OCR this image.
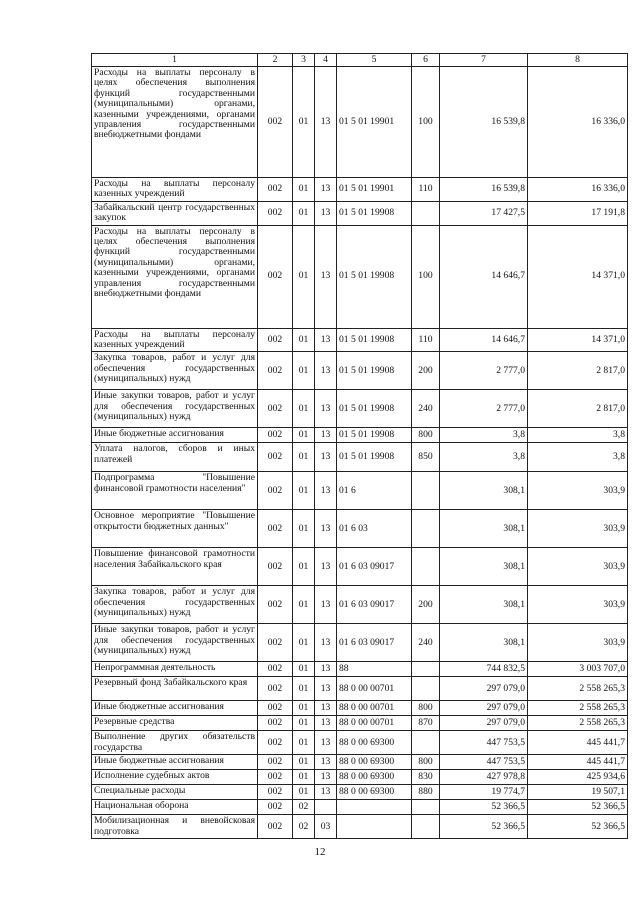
1	2	3	4	5	6	7	8
Расходы на выплаты персоналу в целях обеспечения выполнения функций государственными (муниципальными) органами, казенными учреждениями, органами управления государственными внебюджетными фондами	002	01	13	01 5 01 19901	100	16 539,8	16 336,0
Расходы на выплаты персоналу казенных учреждений	002	01	13	01 5 01 19901	110	16 539,8	16 336,0
Забайкальский центр государственных закупок	002	01	13	01 5 01 19908		17 427,5	17 191,8
Расходы на выплаты персоналу в целях обеспечения выполнения функций государственными (муниципальными) органами, казенными учреждениями, органами управления государственными внебюджетными фондами	002	01	13	01 5 01 19908	100	14 646,7	14 371,0
Расходы на выплаты персоналу казенных учреждений	002	01	13	01 5 01 19908	110	14 646,7	14 371,0
Закупка товаров, работ и услуг для обеспечения государственных (муниципальных) нужд	002	01	13	01 5 01 19908	200	2 777,0	2 817,0
Иные закупки товаров, работ и услуг для обеспечения государственных (муниципальных) нужд	002	01	13	01 5 01 19908	240	2 777,0	2 817,0
Иные бюджетные ассигнования	002	01	13	01 5 01 19908	800	3,8	3,8
Уплата налогов, сборов и иных платежей	002	01	13	01 5 01 19908	850	3,8	3,8
Подпрограмма "Повышение финансовой грамотности населения"	002	01	13	01 6		308,1	303,9
Основное мероприятие "Повышение открытости бюджетных данных"	002	01	13	01 6 03		308,1	303,9
Повышение финансовой грамотности населения Забайкальского края	002	01	13	01 6 03 09017		308,1	303,9
Закупка товаров, работ и услуг для обеспечения государственных (муниципальных) нужд	002	01	13	01 6 03 09017	200	308,1	303,9
Иные закупки товаров, работ и услуг для обеспечения государственных (муниципальных) нужд	002	01	13	01 6 03 09017	240	308,1	303,9
Непрограммная деятельность	002	01	13	88		744 832,5	3 003 707,0
Резервный фонд Забайкальского края	002	01	13	88 0 00 00701		297 079,0	2 558 265,3
Иные бюджетные ассигнования	002	01	13	88 0 00 00701	800	297 079,0	2 558 265,3
Резервные средства	002	01	13	88 0 00 00701	870	297 079,0	2 558 265,3
Выполнение других обязательств государства	002	01	13	88 0 00 69300		447 753,5	445 441,7
Иные бюджетные ассигнования	002	01	13	88 0 00 69300	800	447 753,5	445 441,7
Исполнение судебных актов	002	01	13	88 0 00 69300	830	427 978,8	425 934,6
Специальные расходы	002	01	13	88 0 00 69300	880	19 774,7	19 507,1
Национальная оборона	002	02				52 366,5	52 366,5
Мобилизационная и вневойсковая подготовка	002	02	03			52 366,5	52 366,5
12
